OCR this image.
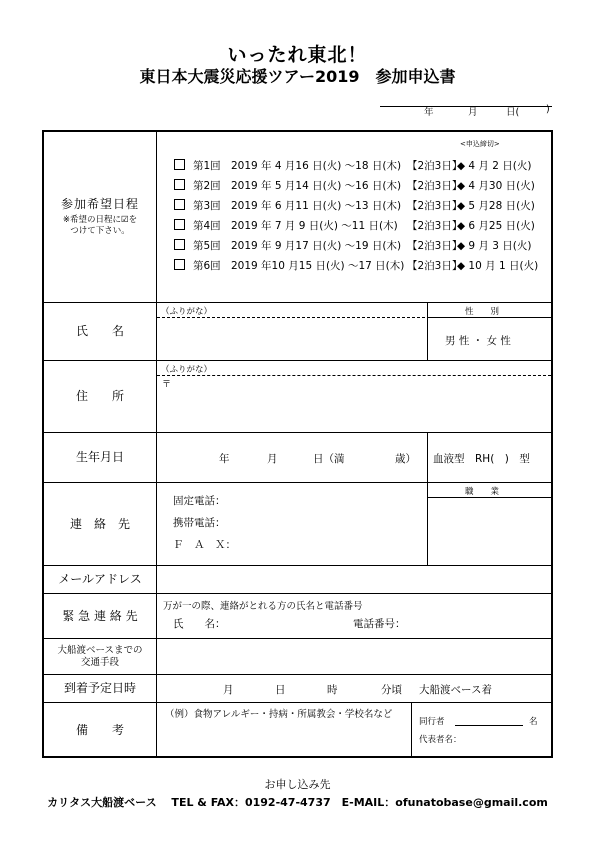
いったれ東北！
東日本大震災応援ツアー2019　参加申込書
年	月	日(	)
参加希望日程
※希望の日程に☑を
つけて下さい。
<申込締切>
第1回 2019 年 4 月16 日(火) ～18 日(木) 【2泊3日】◆ 4 月 2 日(火)
第2回 2019 年 5 月14 日(火) ～16 日(木) 【2泊3日】◆ 4 月30 日(火)
第3回 2019 年 6 月11 日(火) ～13 日(木) 【2泊3日】◆ 5 月28 日(火)
第4回 2019 年 7 月 9 日(火) ～11 日(木) 【2泊3日】◆ 6 月25 日(火)
第5回 2019 年 9 月17 日(火) ～19 日(木) 【2泊3日】◆ 9 月 3 日(火)
第6回 2019 年10 月15 日(火) ～17 日(木) 【2泊3日】◆ 10 月 1 日(火)
氏　　名
（ふりがな）	性　　別
男 性 ・ 女 性
住　　所
（ふりがな）
〒
生年月日	年	月	日（満	歳） 血液型　RH(　)　型
連　絡　先
固定電話：
携帯電話：
Ｆ　Ａ　Ｘ：
職　　業
メールアドレス
緊 急 連 絡 先
万が一の際、連絡がとれる方の氏名と電話番号
氏　　名：	電話番号：
大船渡ベースまでの
交通手段
到着予定日時	月	日	時	分頃 大船渡ベース着
備　　考
（例）食物アレルギー・持病・所属教会・学校名など
同行者	名
代表者名：
お申し込み先
カリタス大船渡ベース　 TEL & FAX：0192-47-4737　E-MAIL：ofunatobase@gmail.com
